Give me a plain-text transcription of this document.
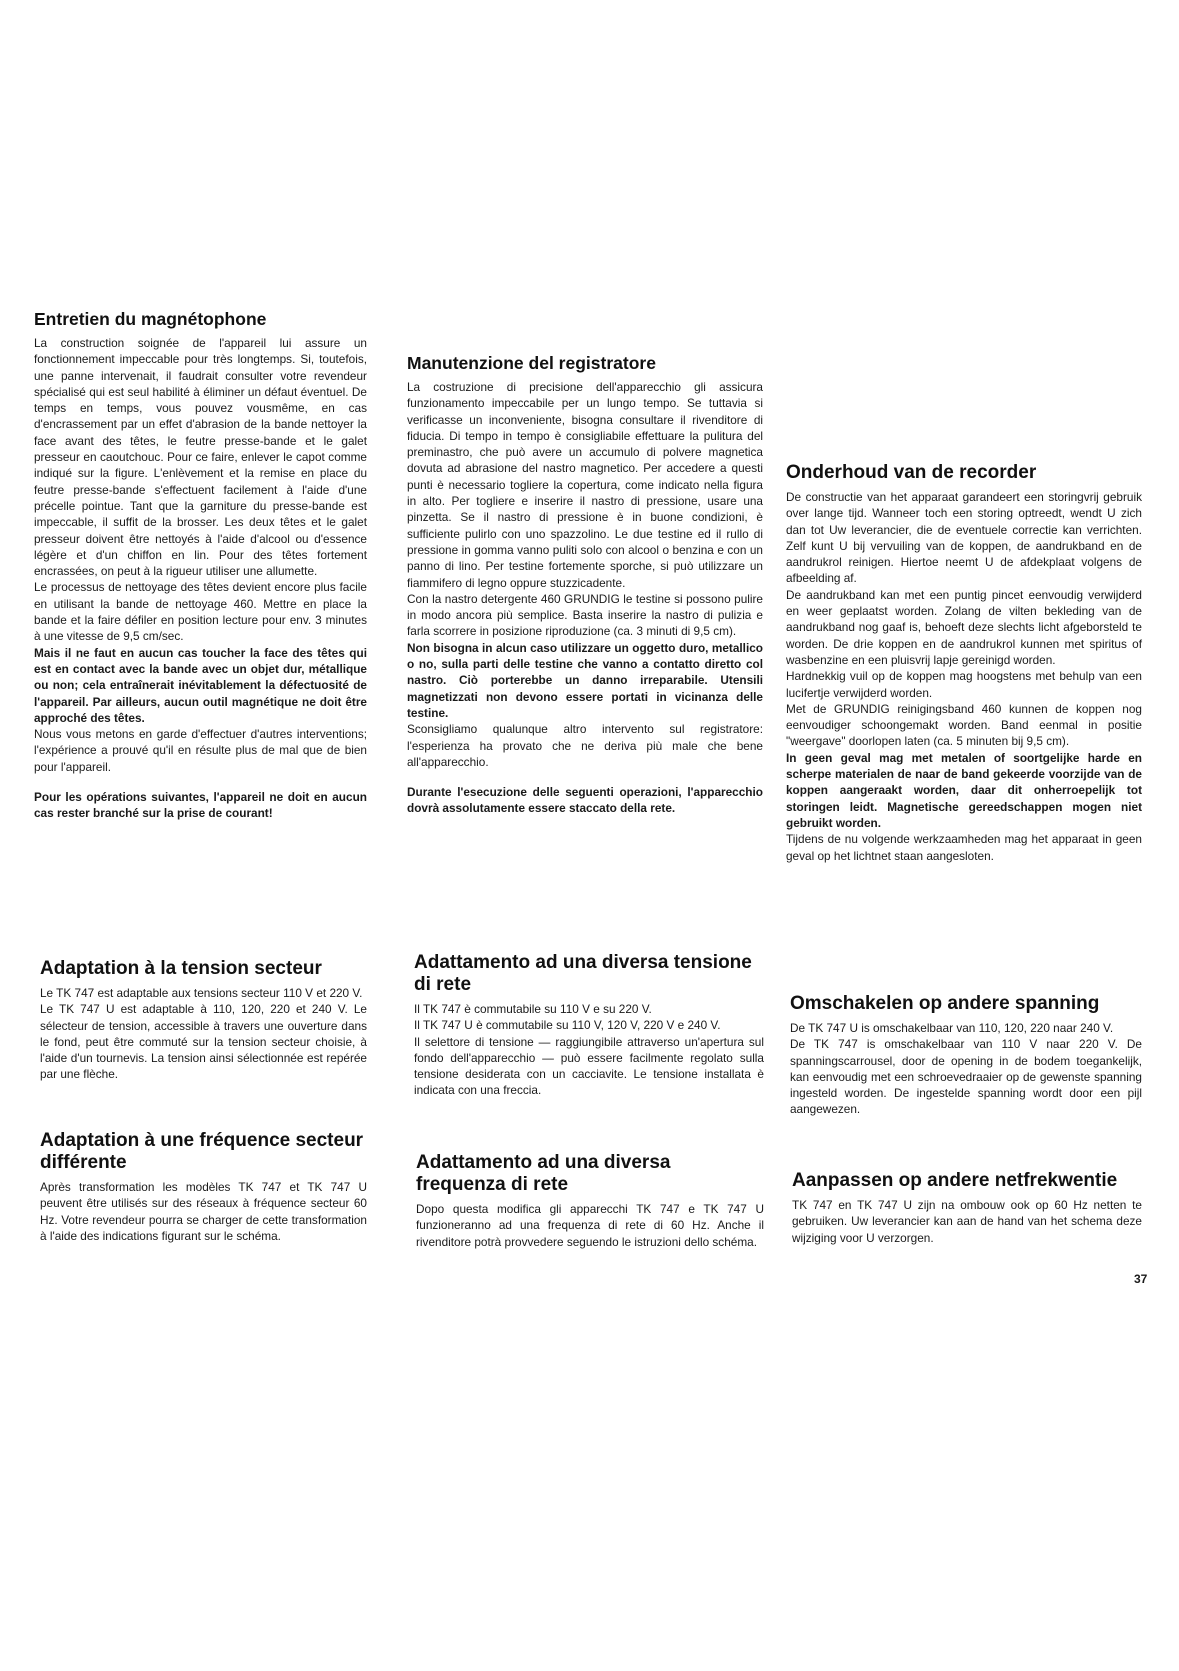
Entretien du magnétophone

La construction soignée de l'appareil lui assure un fonctionnement impeccable pour très longtemps. Si, toutefois, une panne intervenait, il faudrait consulter votre revendeur spécialisé qui est seul habilité à éliminer un défaut éventuel. De temps en temps, vous pouvez vousmême, en cas d'encrassement par un effet d'abrasion de la bande nettoyer la face avant des têtes, le feutre presse-bande et le galet presseur en caoutchouc. Pour ce faire, enlever le capot comme indiqué sur la figure. L'enlèvement et la remise en place du feutre presse-bande s'effectuent facilement à l'aide d'une précelle pointue. Tant que la garniture du presse-bande est impeccable, il suffit de la brosser. Les deux têtes et le galet presseur doivent être nettoyés à l'aide d'alcool ou d'essence légère et d'un chiffon en lin. Pour des têtes fortement encrassées, on peut à la rigueur utiliser une allumette.

Le processus de nettoyage des têtes devient encore plus facile en utilisant la bande de nettoyage 460. Mettre en place la bande et la faire défiler en position lecture pour env. 3 minutes à une vitesse de 9,5 cm/sec.

Mais il ne faut en aucun cas toucher la face des têtes qui est en contact avec la bande avec un objet dur, métallique ou non; cela entraînerait inévitablement la défectuosité de l'appareil. Par ailleurs, aucun outil magnétique ne doit être approché des têtes.

Nous vous metons en garde d'effectuer d'autres interventions; l'expérience a prouvé qu'il en résulte plus de mal que de bien pour l'appareil.

Pour les opérations suivantes, l'appareil ne doit en aucun cas rester branché sur la prise de courant!

Adaptation à la tension secteur

Le TK 747 est adaptable aux tensions secteur 110 V et 220 V.

Le TK 747 U est adaptable à 110, 120, 220 et 240 V. Le sélecteur de tension, accessible à travers une ouverture dans le fond, peut être commuté sur la tension secteur choisie, à l'aide d'un tournevis. La tension ainsi sélectionnée est repérée par une flèche.

Adaptation à une fréquence secteur différente

Après transformation les modèles TK 747 et TK 747 U peuvent être utilisés sur des réseaux à fréquence secteur 60 Hz. Votre revendeur pourra se charger de cette transformation à l'aide des indications figurant sur le schéma.

Manutenzione del registratore

La costruzione di precisione dell'apparecchio gli assicura funzionamento impeccabile per un lungo tempo. Se tuttavia si verificasse un inconveniente, bisogna consultare il rivenditore di fiducia. Di tempo in tempo è consigliabile effettuare la pulitura del preminastro, che può avere un accumulo di polvere magnetica dovuta ad abrasione del nastro magnetico. Per accedere a questi punti è necessario togliere la copertura, come indicato nella figura in alto. Per togliere e inserire il nastro di pressione, usare una pinzetta. Se il nastro di pressione è in buone condizioni, è sufficiente pulirlo con uno spazzolino. Le due testine ed il rullo di pressione in gomma vanno puliti solo con alcool o benzina e con un panno di lino. Per testine fortemente sporche, si può utilizzare un fiammifero di legno oppure stuzzicadente.

Con la nastro detergente 460 GRUNDIG le testine si possono pulire in modo ancora più semplice. Basta inserire la nastro di pulizia e farla scorrere in posizione riproduzione (ca. 3 minuti di 9,5 cm).

Non bisogna in alcun caso utilizzare un oggetto duro, metallico o no, sulla parti delle testine che vanno a contatto diretto col nastro. Ciò porterebbe un danno irreparabile. Utensili magnetizzati non devono essere portati in vicinanza delle testine.

Sconsigliamo qualunque altro intervento sul registratore: l'esperienza ha provato che ne deriva più male che bene all'apparecchio.

Durante l'esecuzione delle seguenti operazioni, l'apparecchio dovrà assolutamente essere staccato della rete.

Adattamento ad una diversa tensione di rete

Il TK 747 è commutabile su 110 V e su 220 V.

Il TK 747 U è commutabile su 110 V, 120 V, 220 V e 240 V.

Il selettore di tensione — raggiungibile attraverso un'apertura sul fondo dell'apparecchio — può essere facilmente regolato sulla tensione desiderata con un cacciavite. Le tensione installata è indicata con una freccia.

Adattamento ad una diversa frequenza di rete

Dopo questa modifica gli apparecchi TK 747 e TK 747 U funzioneranno ad una frequenza di rete di 60 Hz. Anche il rivenditore potrà provvedere seguendo le istruzioni dello schéma.

Onderhoud van de recorder

De constructie van het apparaat garandeert een storingvrij gebruik over lange tijd. Wanneer toch een storing optreedt, wendt U zich dan tot Uw leverancier, die de eventuele correctie kan verrichten. Zelf kunt U bij vervuiling van de koppen, de aandrukband en de aandrukrol reinigen. Hiertoe neemt U de afdekplaat volgens de afbeelding af.

De aandrukband kan met een puntig pincet eenvoudig verwijderd en weer geplaatst worden. Zolang de vilten bekleding van de aandrukband nog gaaf is, behoeft deze slechts licht afgeborsteld te worden. De drie koppen en de aandrukrol kunnen met spiritus of wasbenzine en een pluisvrij lapje gereinigd worden.

Hardnekkig vuil op de koppen mag hoogstens met behulp van een lucifertje verwijderd worden.

Met de GRUNDIG reinigingsband 460 kunnen de koppen nog eenvoudiger schoongemakt worden. Band eenmal in positie "weergave" doorlopen laten (ca. 5 minuten bij 9,5 cm).

In geen geval mag met metalen of soortgelijke harde en scherpe materialen de naar de band gekeerde voorzijde van de koppen aangeraakt worden, daar dit onherroepelijk tot storingen leidt. Magnetische gereedschappen mogen niet gebruikt worden.

Tijdens de nu volgende werkzaamheden mag het apparaat in geen geval op het lichtnet staan aangesloten.

Omschakelen op andere spanning

De TK 747 U is omschakelbaar van 110, 120, 220 naar 240 V.

De TK 747 is omschakelbaar van 110 V naar 220 V. De spanningscarrousel, door de opening in de bodem toegankelijk, kan eenvoudig met een schroevedraaier op de gewenste spanning ingesteld worden. De ingestelde spanning wordt door een pijl aangewezen.

Aanpassen op andere netfrekwentie

TK 747 en TK 747 U zijn na ombouw ook op 60 Hz netten te gebruiken. Uw leverancier kan aan de hand van het schema deze wijziging voor U verzorgen.

37
